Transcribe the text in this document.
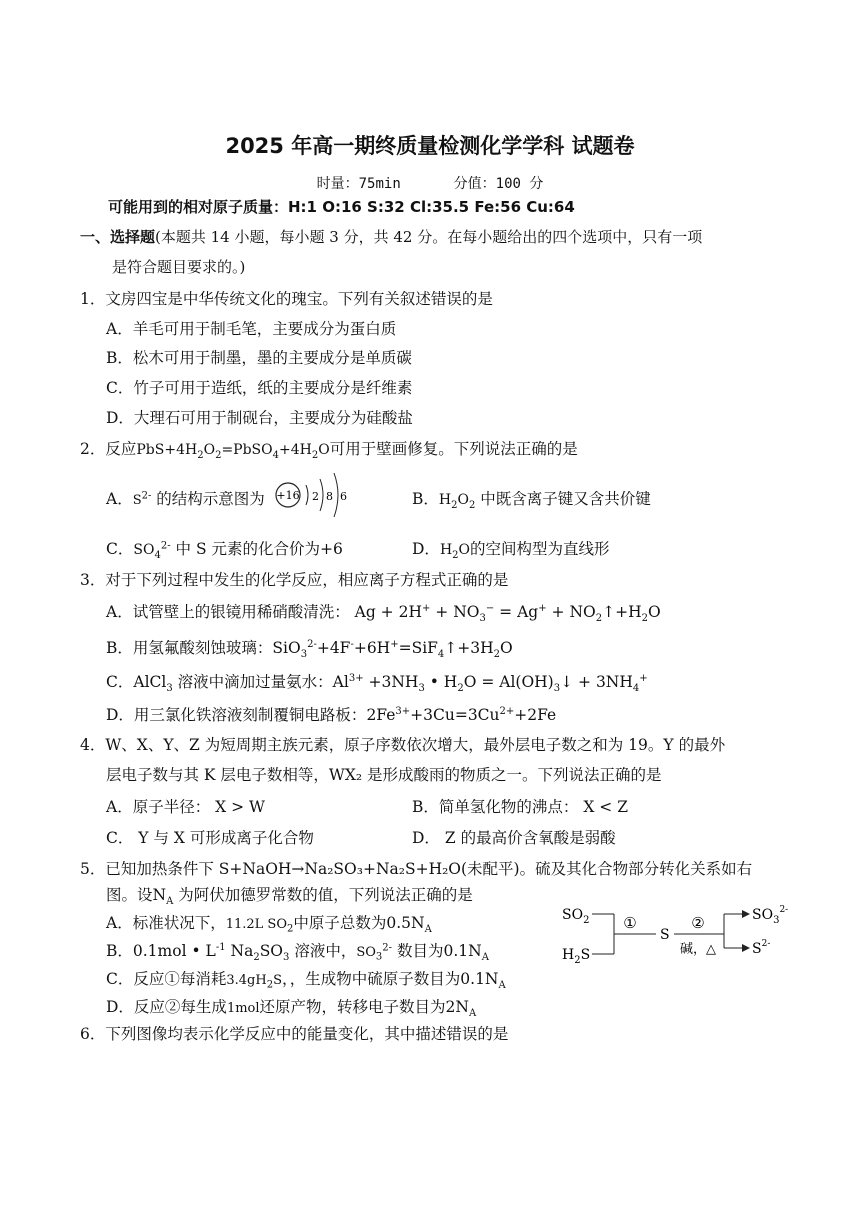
2025 年高一期终质量检测化学学科 试题卷
时量：75min	分值：100 分
可能用到的相对原子质量：H:1 O:16 S:32 Cl:35.5 Fe:56 Cu:64
一、选择题(本题共 14 小题，每小题 3 分，共 42 分。在每小题给出的四个选项中，只有一项
是符合题目要求的。)
1．文房四宝是中华传统文化的瑰宝。下列有关叙述错误的是
A．羊毛可用于制毛笔，主要成分为蛋白质
B．松木可用于制墨，墨的主要成分是单质碳
C．竹子可用于造纸，纸的主要成分是纤维素
D．大理石可用于制砚台，主要成分为硅酸盐
2．反应$PbS+4H_2O_2=PbSO_4+4H_2O$可用于壁画修复。下列说法正确的是
A．$S^{2-}$ 的结构示意图为 +16 2 8 6	B．$H_2O_2$ 中既含离子键又含共价键
C．$SO_4^{2-}$ 中 S 元素的化合价为+6	D．$H_2O$的空间构型为直线形
3．对于下列过程中发生的化学反应，相应离子方程式正确的是
A．试管壁上的银镜用稀硝酸清洗： $Ag + 2H^+ + NO_3^- = Ag^+$ + $NO_2↑+H_2O$
B．用氢氟酸刻蚀玻璃：$SiO_3^{2-}+4F^-+6H^+=SiF_4↑+3H_2O$
C．AlCl$_3$ 溶液中滴加过量氨水：$Al^{3+} +3NH_3$ • $H_2O$ = $Al(OH)_3↓ + 3NH_4^+$
D．用三氯化铁溶液刻制覆铜电路板：$2Fe^{3+}+3Cu=3Cu^{2+}+2Fe$
4．W、X、Y、Z 为短周期主族元素，原子序数依次增大，最外层电子数之和为 19。Y 的最外
层电子数与其 K 层电子数相等，WX₂ 是形成酸雨的物质之一。下列说法正确的是
A．原子半径： X > W	B．简单氢化物的沸点： X < Z
C． Y 与 X 可形成离子化合物	D． Z 的最高价含氧酸是弱酸
5．已知加热条件下 S+NaOH→Na₂SO₃+Na₂S+H₂O(未配平)。硫及其化合物部分转化关系如右
图。设$N_A$ 为阿伏加德罗常数的值，下列说法正确的是
A．标准状况下，11.2L $SO_2$中原子总数为$0.5N_A$
B．0.1mol • $L^{-1}$ $Na_2SO_3$ 溶液中，$SO_3^{2-}$ 数目为$0.1N_A$
C．反应①每消耗$3.4gH_2S$，，生成物中硫原子数目为$0.1N_A$
D．反应②每生成1mol还原产物，转移电子数目为$2N_A$
$SO_2$
$H_2S$
①
S
②
碱，△
$SO_3^{2-}$
$S^{2-}$
6．下列图像均表示化学反应中的能量变化，其中描述错误的是
